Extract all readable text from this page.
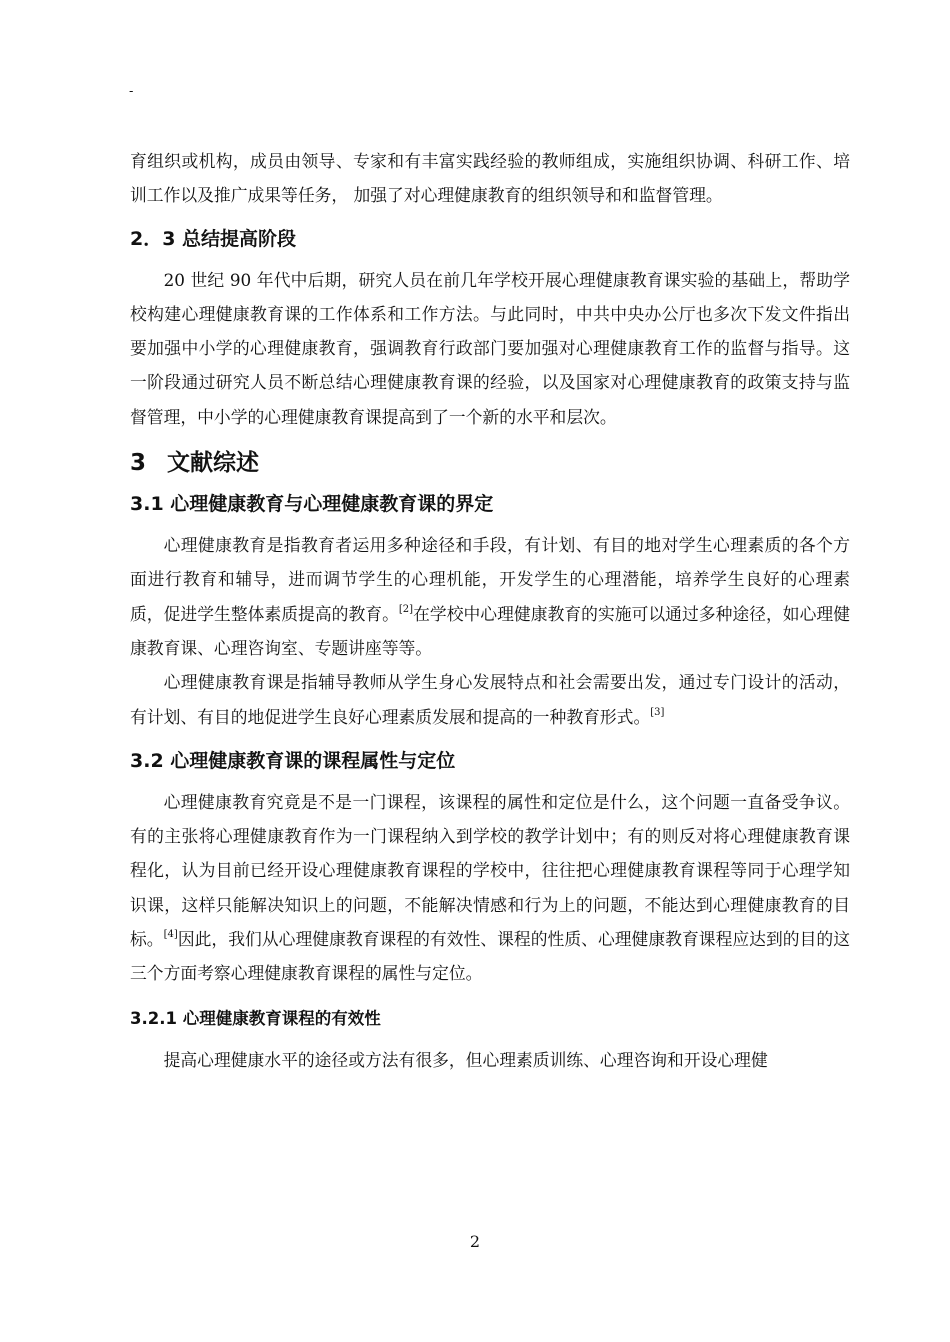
-

育组织或机构，成员由领导、专家和有丰富实践经验的教师组成，实施组织协调、科研工作、培训工作以及推广成果等任务， 加强了对心理健康教育的组织领导和和监督管理。

2．3 总结提高阶段

20 世纪 90 年代中后期，研究人员在前几年学校开展心理健康教育课实验的基础上，帮助学校构建心理健康教育课的工作体系和工作方法。与此同时，中共中央办公厅也多次下发文件指出要加强中小学的心理健康教育，强调教育行政部门要加强对心理健康教育工作的监督与指导。这一阶段通过研究人员不断总结心理健康教育课的经验，以及国家对心理健康教育的政策支持与监督管理，中小学的心理健康教育课提高到了一个新的水平和层次。

3 文献综述
3.1 心理健康教育与心理健康教育课的界定

心理健康教育是指教育者运用多种途径和手段，有计划、有目的地对学生心理素质的各个方面进行教育和辅导，进而调节学生的心理机能，开发学生的心理潜能，培养学生良好的心理素质，促进学生整体素质提高的教育。[2]在学校中心理健康教育的实施可以通过多种途径，如心理健康教育课、心理咨询室、专题讲座等等。

心理健康教育课是指辅导教师从学生身心发展特点和社会需要出发，通过专门设计的活动，有计划、有目的地促进学生良好心理素质发展和提高的一种教育形式。[3]

3.2 心理健康教育课的课程属性与定位

心理健康教育究竟是不是一门课程，该课程的属性和定位是什么，这个问题一直备受争议。有的主张将心理健康教育作为一门课程纳入到学校的教学计划中；有的则反对将心理健康教育课程化，认为目前已经开设心理健康教育课程的学校中，往往把心理健康教育课程等同于心理学知识课，这样只能解决知识上的问题，不能解决情感和行为上的问题，不能达到心理健康教育的目标。[4]因此，我们从心理健康教育课程的有效性、课程的性质、心理健康教育课程应达到的目的这三个方面考察心理健康教育课程的属性与定位。

3.2.1 心理健康教育课程的有效性

提高心理健康水平的途径或方法有很多，但心理素质训练、心理咨询和开设心理健

2
